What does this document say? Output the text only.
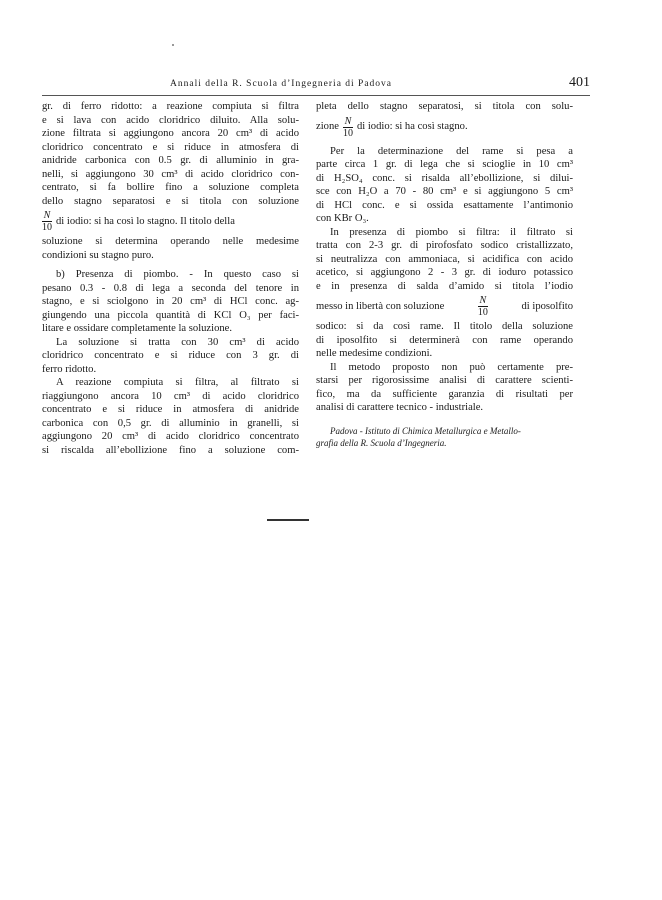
Annali della R. Scuola d’Ingegneria di Padova	401
gr. di ferro ridotto: a reazione compiuta si filtra
e si lava con acido cloridrico diluito. Alla solu-
zione filtrata si aggiungono ancora 20 cm³ di acido
cloridrico concentrato e si riduce in atmosfera di
anidride carbonica con 0.5 gr. di alluminio in gra-
nelli, si aggiungono 30 cm³ di acido cloridrico con-
centrato, si fa bollire fino a soluzione completa
dello stagno separatosi e si titola con soluzione
$\frac{N}{10}$ di iodio: si ha così lo stagno. Il titolo della
soluzione si determina operando nelle medesime
condizioni su stagno puro.
b) Presenza di piombo. - In questo caso si
pesano 0.3 - 0.8 di lega a seconda del tenore in
stagno, e si sciolgono in 20 cm³ di HCl conc. ag-
giungendo una piccola quantità di KCl O₃ per faci-
litare e ossidare completamente la soluzione.
La soluzione si tratta con 30 cm³ di acido
cloridrico concentrato e si riduce con 3 gr. di
ferro ridotto.
A reazione compiuta si filtra, al filtrato si
riaggiungono ancora 10 cm³ di acido cloridrico
concentrato e si riduce in atmosfera di anidride
carbonica con 0,5 gr. di alluminio in granelli, si
aggiungono 20 cm³ di acido cloridrico concentrato
si riscalda all’ebollizione fino a soluzione com-
pleta dello stagno separatosi, si titola con solu-
zione $\frac{N}{10}$ di iodio: si ha così stagno.
Per la determinazione del rame si pesa a
parte circa 1 gr. di lega che si scioglie in 10 cm³
di H₂SO₄ conc. si risalda all’ebollizione, si dilui-
sce con H₂O a 70 - 80 cm³ e si aggiungono 5 cm³
di HCl conc. e si ossida esattamente l’antimonio
con KBr O₃.
In presenza di piombo si filtra: il filtrato si
tratta con 2-3 gr. di pirofosfato sodico cristallizzato,
si neutralizza con ammoniaca, si acidifica con acido
acetico, si aggiungono 2 - 3 gr. di ioduro potassico
e in presenza di salda d’amido si titola l’iodio
messo in libertà con soluzione	$\frac{N}{10}$	di iposolfito
sodico: si da così rame. Il titolo della soluzione
di iposolfito si determinerà con rame operando
nelle medesime condizioni.
Il metodo proposto non può certamente pre-
starsi per rigorosissime analisi di carattere scienti-
fico, ma da sufficiente garanzia di risultati per
analisi di carattere tecnico - industriale.
Padova - Istituto di Chimica Metallurgica e Metallo-
grafia della R. Scuola d’Ingegneria.
